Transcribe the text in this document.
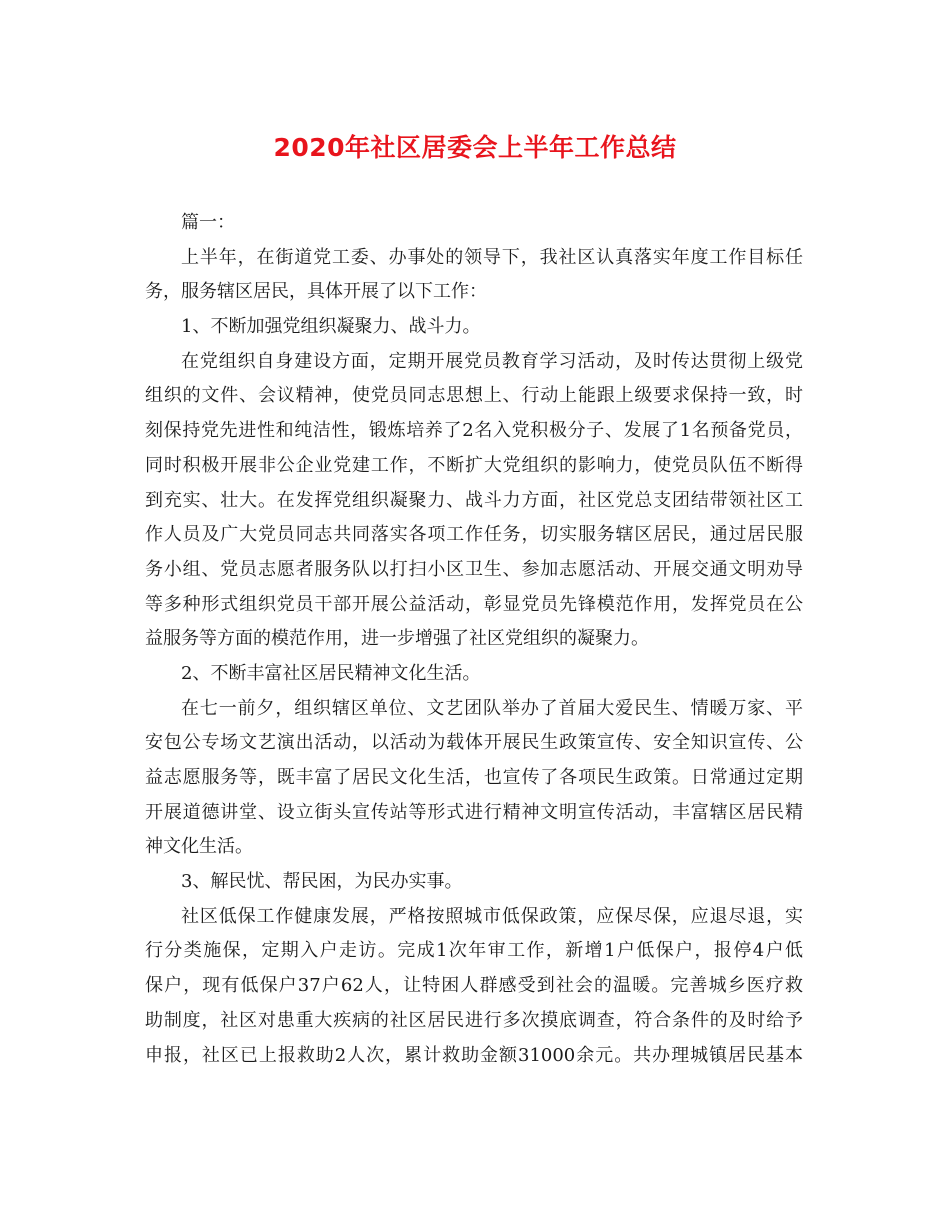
2020年社区居委会上半年工作总结
篇一：
上半年，在街道党工委、办事处的领导下，我社区认真落实年度工作目标任
务，服务辖区居民，具体开展了以下工作：
1、不断加强党组织凝聚力、战斗力。
在党组织自身建设方面，定期开展党员教育学习活动，及时传达贯彻上级党
组织的文件、会议精神，使党员同志思想上、行动上能跟上级要求保持一致，时
刻保持党先进性和纯洁性，锻炼培养了2名入党积极分子、发展了1名预备党员，
同时积极开展非公企业党建工作，不断扩大党组织的影响力，使党员队伍不断得
到充实、壮大。在发挥党组织凝聚力、战斗力方面，社区党总支团结带领社区工
作人员及广大党员同志共同落实各项工作任务，切实服务辖区居民，通过居民服
务小组、党员志愿者服务队以打扫小区卫生、参加志愿活动、开展交通文明劝导
等多种形式组织党员干部开展公益活动，彰显党员先锋模范作用，发挥党员在公
益服务等方面的模范作用，进一步增强了社区党组织的凝聚力。
2、不断丰富社区居民精神文化生活。
在七一前夕，组织辖区单位、文艺团队举办了首届大爱民生、情暖万家、平
安包公专场文艺演出活动，以活动为载体开展民生政策宣传、安全知识宣传、公
益志愿服务等，既丰富了居民文化生活，也宣传了各项民生政策。日常通过定期
开展道德讲堂、设立街头宣传站等形式进行精神文明宣传活动，丰富辖区居民精
神文化生活。
3、解民忧、帮民困，为民办实事。
社区低保工作健康发展，严格按照城市低保政策，应保尽保，应退尽退，实
行分类施保，定期入户走访。完成1次年审工作，新增1户低保户，报停4户低
保户，现有低保户37户62人，让特困人群感受到社会的温暖。完善城乡医疗救
助制度，社区对患重大疾病的社区居民进行多次摸底调查，符合条件的及时给予
申报，社区已上报救助2人次，累计救助金额31000余元。共办理城镇居民基本
